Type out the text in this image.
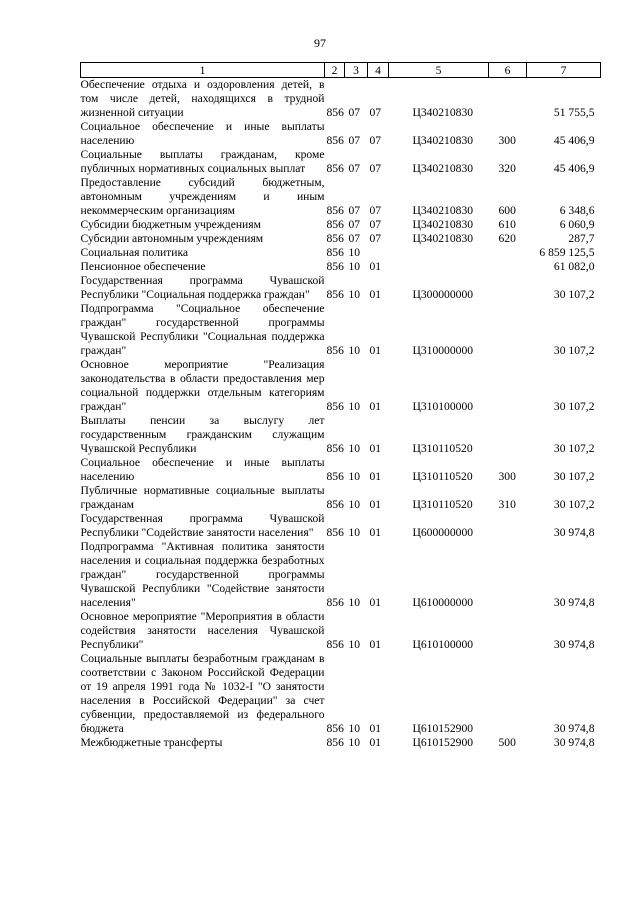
97
1	2	3	4	5	6	7
Обеспечение отдыха и оздоровления детей, в том числе детей, находящихся в трудной жизненной ситуации	856	07	07	Ц340210830		51 755,5
Социальное обеспечение и иные выплаты населению	856	07	07	Ц340210830	300	45 406,9
Социальные выплаты гражданам, кроме публичных нормативных социальных выплат	856	07	07	Ц340210830	320	45 406,9
Предоставление субсидий бюджетным, автономным учреждениям и иным некоммерческим организациям	856	07	07	Ц340210830	600	6 348,6
Субсидии бюджетным учреждениям	856	07	07	Ц340210830	610	6 060,9
Субсидии автономным учреждениям	856	07	07	Ц340210830	620	287,7
Социальная политика	856	10				6 859 125,5
Пенсионное обеспечение	856	10	01			61 082,0
Государственная программа Чувашской Республики "Социальная поддержка граждан"	856	10	01	Ц300000000		30 107,2
Подпрограмма "Социальное обеспечение граждан" государственной программы Чувашской Республики "Социальная поддержка граждан"	856	10	01	Ц310000000		30 107,2
Основное мероприятие "Реализация законодательства в области предоставления мер социальной поддержки отдельным категориям граждан"	856	10	01	Ц310100000		30 107,2
Выплаты пенсии за выслугу лет государственным гражданским служащим Чувашской Республики	856	10	01	Ц310110520		30 107,2
Социальное обеспечение и иные выплаты населению	856	10	01	Ц310110520	300	30 107,2
Публичные нормативные социальные выплаты гражданам	856	10	01	Ц310110520	310	30 107,2
Государственная программа Чувашской Республики "Содействие занятости населения"	856	10	01	Ц600000000		30 974,8
Подпрограмма "Активная политика занятости населения и социальная поддержка безработных граждан" государственной программы Чувашской Республики "Содействие занятости населения"	856	10	01	Ц610000000		30 974,8
Основное мероприятие "Мероприятия в области содействия занятости населения Чувашской Республики"	856	10	01	Ц610100000		30 974,8
Социальные выплаты безработным гражданам в соответствии с Законом Российской Федерации от 19 апреля 1991 года № 1032-I "О занятости населения в Российской Федерации" за счет субвенции, предоставляемой из федерального бюджета	856	10	01	Ц610152900		30 974,8
Межбюджетные трансферты	856	10	01	Ц610152900	500	30 974,8
